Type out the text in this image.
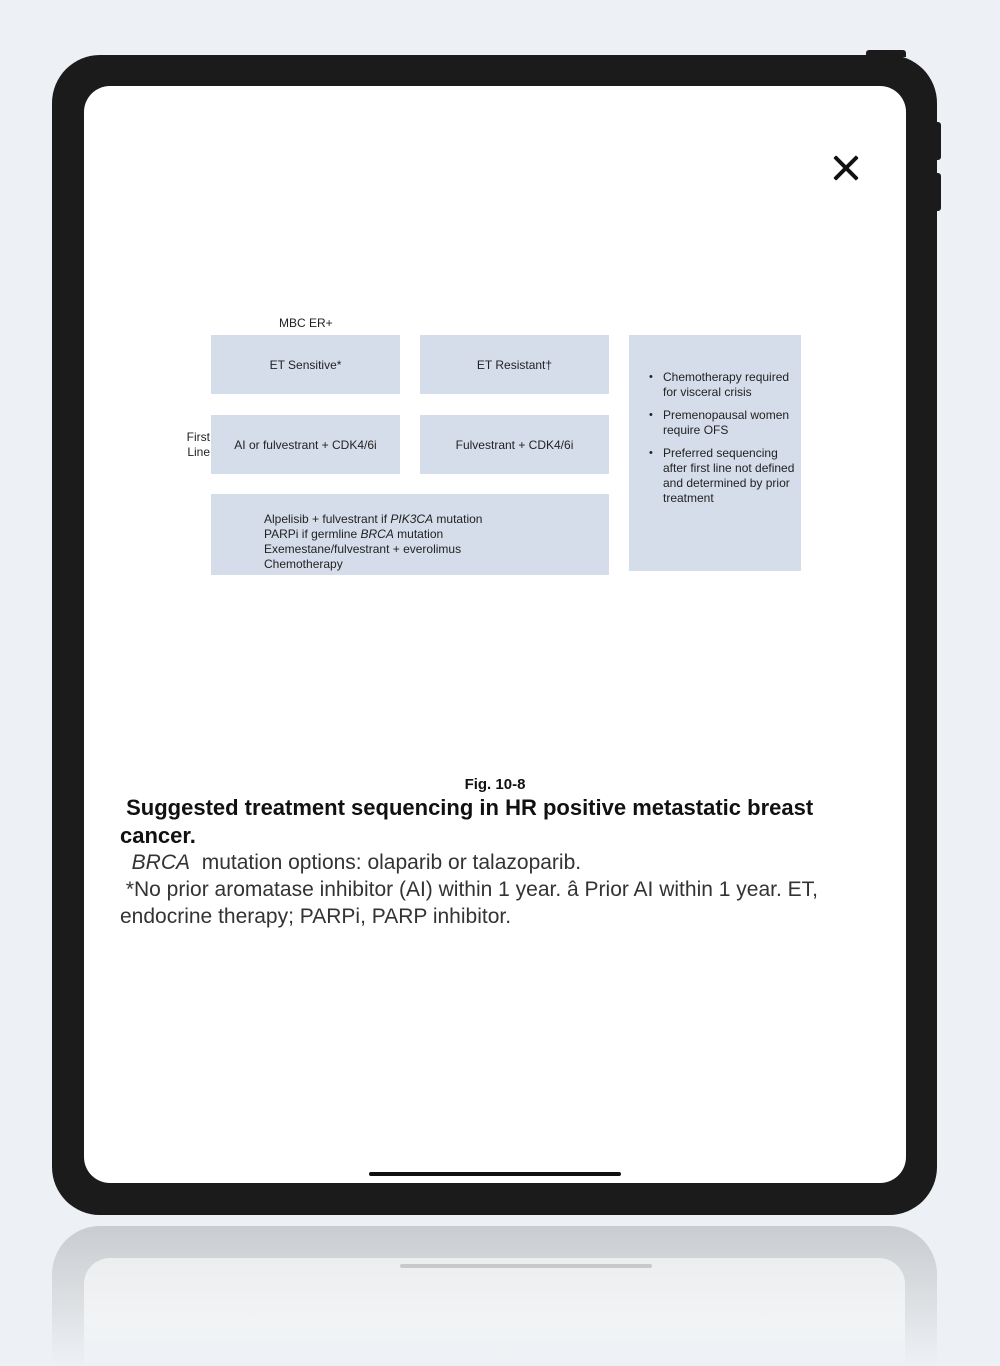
MBC ER+
First
Line
ET Sensitive*	ET Resistant†
AI or fulvestrant + CDK4/6i	Fulvestrant + CDK4/6i
Alpelisib + fulvestrant if PIK3CA mutation
PARPi if germline BRCA mutation
Exemestane/fulvestrant + everolimus
Chemotherapy
• Chemotherapy required for visceral crisis
• Premenopausal women require OFS
• Preferred sequencing after first line not defined and determined by prior treatment
Fig. 10-8

Suggested treatment sequencing in HR positive metastatic breast cancer.

BRCA  mutation options: olaparib or talazoparib.

*No prior aromatase inhibitor (AI) within 1 year. â Prior AI within 1 year. ET, endocrine therapy; PARPi, PARP inhibitor.
